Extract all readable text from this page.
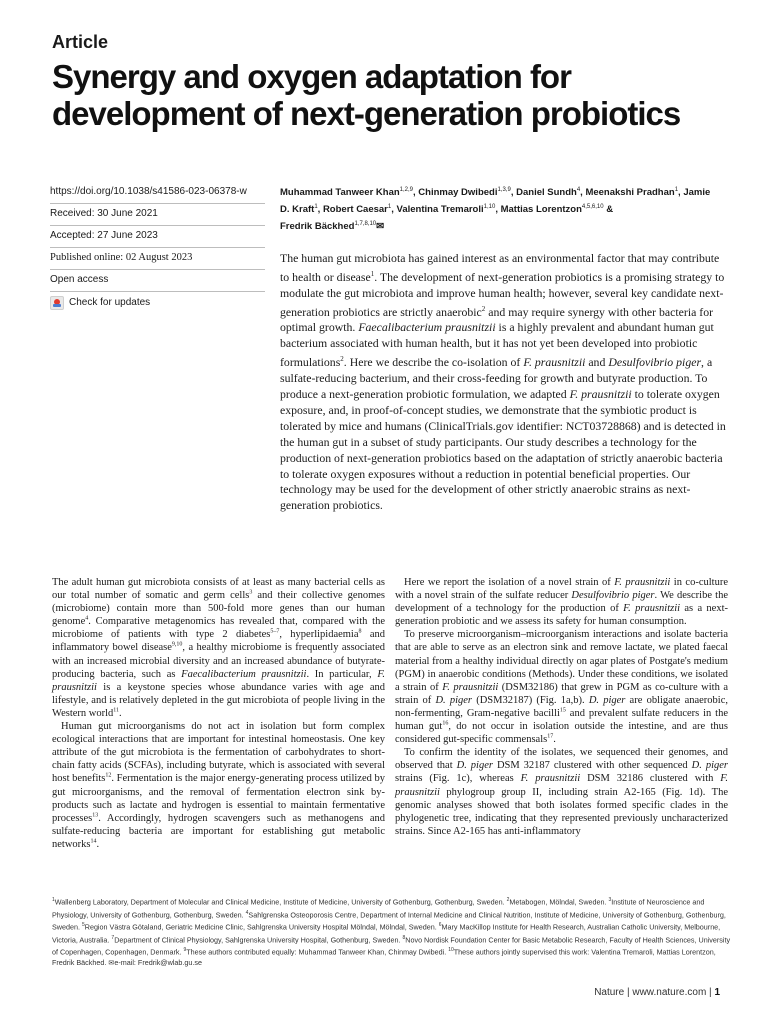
Article
Synergy and oxygen adaptation for development of next-generation probiotics
https://doi.org/10.1038/s41586-023-06378-w
Received: 30 June 2021
Accepted: 27 June 2023
Published online: 02 August 2023
Open access
Check for updates

Muhammad Tanweer Khan$^{1,2,9}$, Chinmay Dwibedi$^{1,3,9}$, Daniel Sundh$^4$, Meenakshi Pradhan$^1$, Jamie D. Kraft$^1$, Robert Caesar$^1$, Valentina Tremaroli$^{1,10}$, Mattias Lorentzon$^{4,5,6,10}$ &
Fredrik Bäckhed$^{1,7,8,10}$✉

The human gut microbiota has gained interest as an environmental factor that may contribute to health or disease$^1$. The development of next-generation probiotics is a promising strategy to modulate the gut microbiota and improve human health; however, several key candidate next-generation probiotics are strictly anaerobic$^2$ and may require synergy with other bacteria for optimal growth. Faecalibacterium prausnitzii is a highly prevalent and abundant human gut bacterium associated with human health, but it has not yet been developed into probiotic formulations$^2$. Here we describe the co-isolation of F. prausnitzii and Desulfovibrio piger, a sulfate-reducing bacterium, and their cross-feeding for growth and butyrate production. To produce a next-generation probiotic formulation, we adapted F. prausnitzii to tolerate oxygen exposure, and, in proof-of-concept studies, we demonstrate that the symbiotic product is tolerated by mice and humans (ClinicalTrials.gov identifier: NCT03728868) and is detected in the human gut in a subset of study participants. Our study describes a technology for the production of next-generation probiotics based on the adaptation of strictly anaerobic bacteria to tolerate oxygen exposures without a reduction in potential beneficial properties. Our technology may be used for the development of other strictly anaerobic strains as next-generation probiotics.

The adult human gut microbiota consists of at least as many bacterial cells as our total number of somatic and germ cells$^3$ and their collective genomes (microbiome) contain more than 500-fold more genes than our human genome$^4$. Comparative metagenomics has revealed that, compared with the microbiome of patients with type 2 diabetes$^{5-7}$, hyperlipidaemia$^8$ and inflammatory bowel disease$^{9,10}$, a healthy microbiome is frequently associated with an increased microbial diversity and an increased abundance of butyrate-producing bacteria, such as Faecalibacterium prausnitzii. In particular, F. prausnitzii is a keystone species whose abundance varies with age and lifestyle, and is relatively depleted in the gut microbiota of people living in the Western world$^{11}$.

Human gut microorganisms do not act in isolation but form complex ecological interactions that are important for intestinal homeostasis. One key attribute of the gut microbiota is the fermentation of carbohydrates to short-chain fatty acids (SCFAs), including butyrate, which is associated with several host benefits$^{12}$. Fermentation is the major energy-generating process utilized by gut microorganisms, and the removal of fermentation electron sink by-products such as lactate and hydrogen is essential to maintain fermentative processes$^{13}$. Accordingly, hydrogen scavengers such as methanogens and sulfate-reducing bacteria are important for establishing gut metabolic networks$^{14}$.

Here we report the isolation of a novel strain of F. prausnitzii in co-culture with a novel strain of the sulfate reducer Desulfovibrio piger. We describe the development of a technology for the production of F. prausnitzii as a next-generation probiotic and we assess its safety for human consumption.

To preserve microorganism–microorganism interactions and isolate bacteria that are able to serve as an electron sink and remove lactate, we plated faecal material from a healthy individual directly on agar plates of Postgate's medium (PGM) in anaerobic conditions (Methods). Under these conditions, we isolated a strain of F. prausnitzii (DSM32186) that grew in PGM as co-culture with a strain of D. piger (DSM32187) (Fig. 1a,b). D. piger are obligate anaerobic, non-fermenting, Gram-negative bacilli$^{15}$ and prevalent sulfate reducers in the human gut$^{16}$, do not occur in isolation outside the intestine, and are thus considered gut-specific commensals$^{17}$.

To confirm the identity of the isolates, we sequenced their genomes, and observed that D. piger DSM 32187 clustered with other sequenced D. piger strains (Fig. 1c), whereas F. prausnitzii DSM 32186 clustered with F. prausnitzii phylogroup group II, including strain A2-165 (Fig. 1d). The genomic analyses showed that both isolates formed specific clades in the phylogenetic tree, indicating that they represented previously uncharacterized strains. Since A2-165 has anti-inflammatory

$^1$Wallenberg Laboratory, Department of Molecular and Clinical Medicine, Institute of Medicine, University of Gothenburg, Gothenburg, Sweden. $^2$Metabogen, Mölndal, Sweden. $^3$Institute of Neuroscience and Physiology, University of Gothenburg, Gothenburg, Sweden. $^4$Sahlgrenska Osteoporosis Centre, Department of Internal Medicine and Clinical Nutrition, Institute of Medicine, University of Gothenburg, Gothenburg, Sweden. $^5$Region Västra Götaland, Geriatric Medicine Clinic, Sahlgrenska University Hospital Mölndal, Mölndal, Sweden. $^6$Mary MacKillop Institute for Health Research, Australian Catholic University, Melbourne, Victoria, Australia. $^7$Department of Clinical Physiology, Sahlgrenska University Hospital, Gothenburg, Sweden. $^8$Novo Nordisk Foundation Center for Basic Metabolic Research, Faculty of Health Sciences, University of Copenhagen, Copenhagen, Denmark. $^9$These authors contributed equally: Muhammad Tanweer Khan, Chinmay Dwibedi. $^{10}$These authors jointly supervised this work: Valentina Tremaroli, Mattias Lorentzon, Fredrik Bäckhed. ✉e-mail: Fredrik@wlab.gu.se

Nature | www.nature.com | 1
